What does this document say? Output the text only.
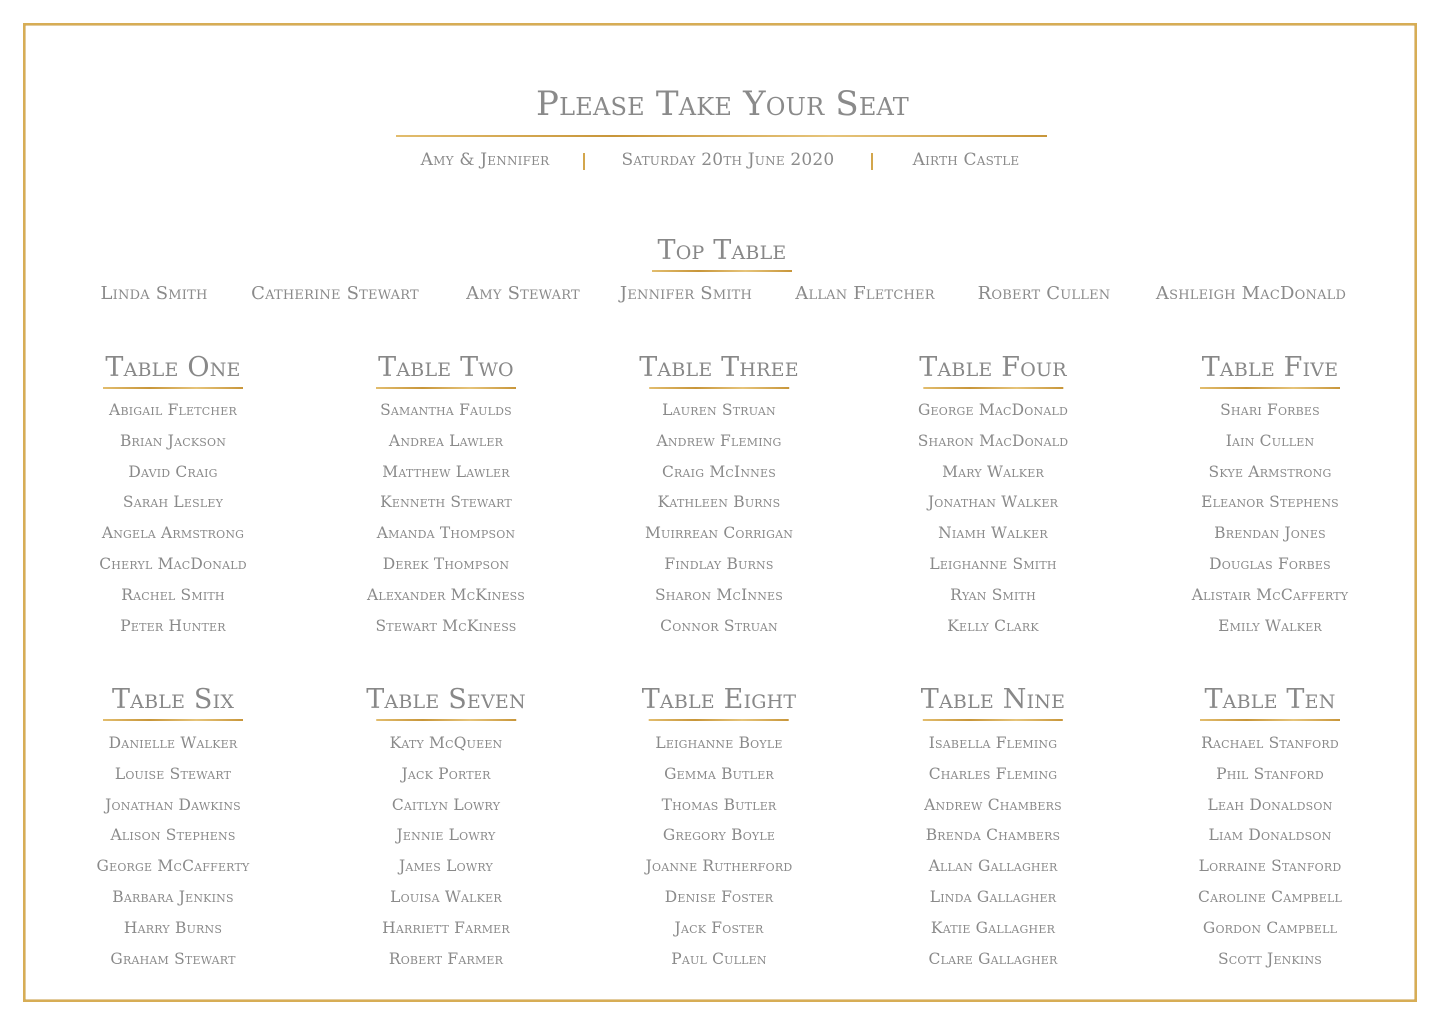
Please Take Your Seat
Amy & Jennifer	Saturday 20th June 2020	Airth Castle
Top Table
Linda Smith Catherine Stewart	Amy Stewart Jennifer Smith Allan Fletcher Robert Cullen	Ashleigh MacDonald
Table One
Abigail Fletcher
Brian Jackson
David Craig
Sarah Lesley
Angela Armstrong
Cheryl MacDonald
Rachel Smith
Peter Hunter
Table Two
Samantha Faulds
Andrea Lawler
Matthew Lawler
Kenneth Stewart
Amanda Thompson
Derek Thompson
Alexander McKiness
Stewart McKiness
Table Three
Lauren Struan
Andrew Fleming
Craig McInnes
Kathleen Burns
Muirrean Corrigan
Findlay Burns
Sharon McInnes
Connor Struan
Table Four
George MacDonald
Sharon MacDonald
Mary Walker
Jonathan Walker
Niamh Walker
Leighanne Smith
Ryan Smith
Kelly Clark
Table Five
Shari Forbes
Iain Cullen
Skye Armstrong
Eleanor Stephens
Brendan Jones
Douglas Forbes
Alistair McCafferty
Emily Walker
Table Six
Danielle Walker
Louise Stewart
Jonathan Dawkins
Alison Stephens
George McCafferty
Barbara Jenkins
Harry Burns
Graham Stewart
Table Seven
Katy McQueen
Jack Porter
Caitlyn Lowry
Jennie Lowry
James Lowry
Louisa Walker
Harriett Farmer
Robert Farmer
Table Eight
Leighanne Boyle
Gemma Butler
Thomas Butler
Gregory Boyle
Joanne Rutherford
Denise Foster
Jack Foster
Paul Cullen
Table Nine
Isabella Fleming
Charles Fleming
Andrew Chambers
Brenda Chambers
Allan Gallagher
Linda Gallagher
Katie Gallagher
Clare Gallagher
Table Ten
Rachael Stanford
Phil Stanford
Leah Donaldson
Liam Donaldson
Lorraine Stanford
Caroline Campbell
Gordon Campbell
Scott Jenkins
